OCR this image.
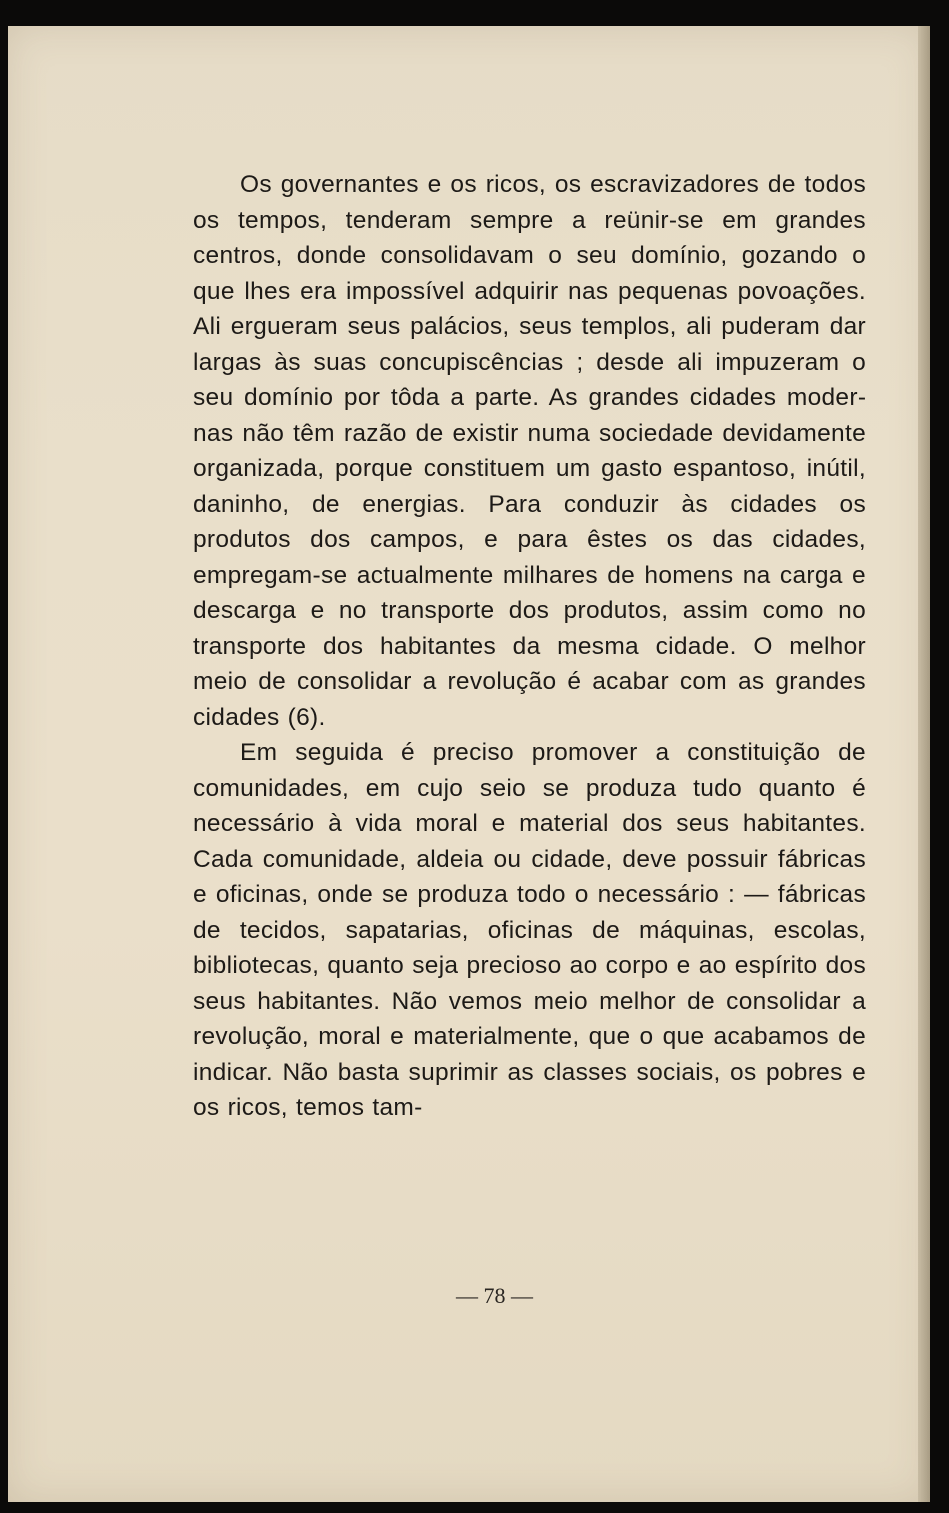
Os governantes e os ricos, os escravizadores de todos os tempos, tenderam sempre a reünir-se em grandes centros, donde consolidavam o seu domínio, gozando o que lhes era impossível adquirir nas pequenas povoações. Ali ergueram seus palácios, seus templos, ali puderam dar largas às suas concupiscências ; desde ali impuzeram o seu domínio por tôda a parte. As grandes cidades modernas não têm razão de existir numa sociedade devidamente organizada, porque constituem um gasto espantoso, inútil, daninho, de energias. Para conduzir às cidades os produtos dos campos, e para êstes os das cidades, empregam-se actualmente milhares de homens na carga e descarga e no transporte dos produtos, assim como no transporte dos habitantes da mesma cidade. O melhor meio de consolidar a revolução é acabar com as grandes cidades (6).

Em seguida é preciso promover a constituição de comunidades, em cujo seio se produza tudo quanto é necessário à vida moral e material dos seus habitantes. Cada comunidade, aldeia ou cidade, deve possuir fábricas e oficinas, onde se produza todo o necessário : — fábricas de tecidos, sapatarias, oficinas de máquinas, escolas, bibliotecas, quanto seja precioso ao corpo e ao espírito dos seus habitantes. Não vemos meio melhor de consolidar a revolução, moral e materialmente, que o que acabamos de indicar. Não basta suprimir as classes sociais, os pobres e os ricos, temos tam-

— 78 —
